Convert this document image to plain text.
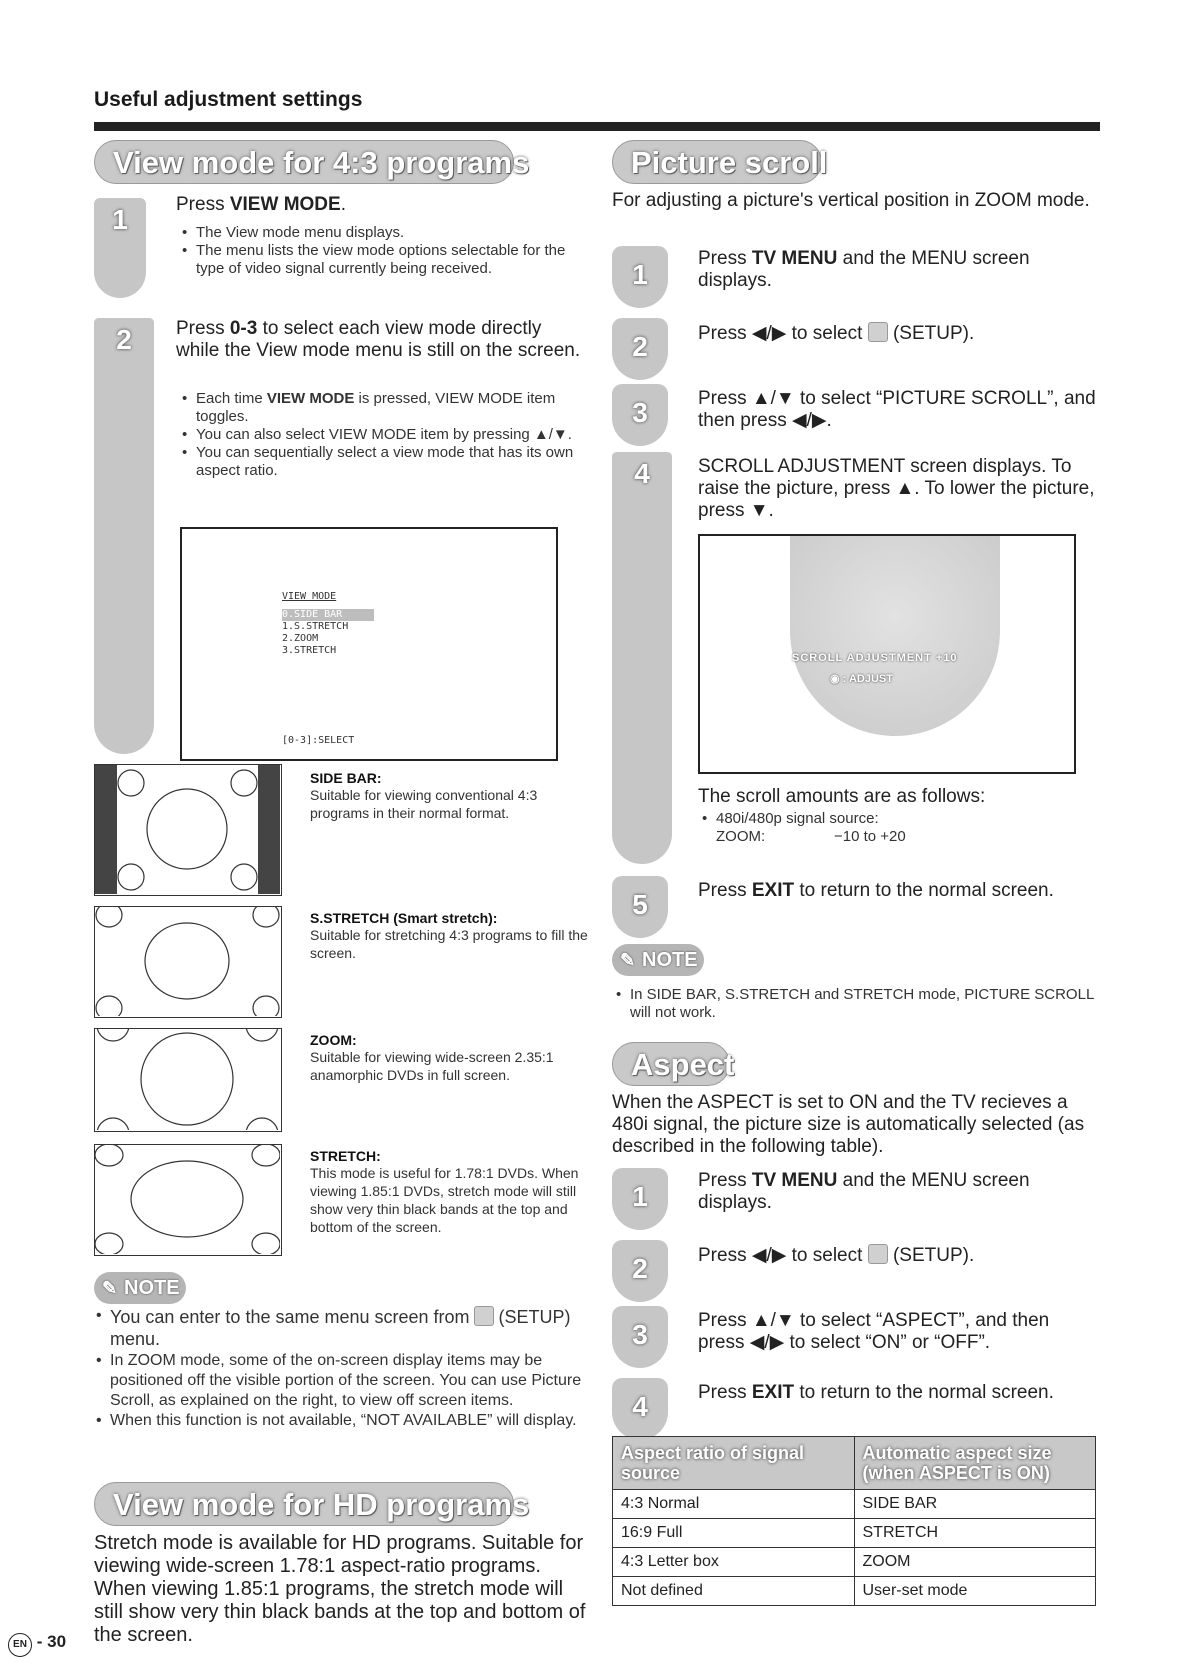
Useful adjustment settings
View mode for 4:3 programs
1	Press VIEW MODE.
• The View mode menu displays.
• The menu lists the view mode options selectable for the type of video signal currently being received.
2	Press 0-3 to select each view mode directly while the View mode menu is still on the screen.
• Each time VIEW MODE is pressed, VIEW MODE item toggles.
• You can also select VIEW MODE item by pressing ▲/▼.
• You can sequentially select a view mode that has its own aspect ratio.
VIEW MODE
0.SIDE BAR
1.S.STRETCH
2.ZOOM
3.STRETCH
[0-3]:SELECT
SIDE BAR:
Suitable for viewing conventional 4:3 programs in their normal format.
S.STRETCH (Smart stretch):
Suitable for stretching 4:3 programs to fill the screen.
ZOOM:
Suitable for viewing wide-screen 2.35:1 anamorphic DVDs in full screen.
STRETCH:
This mode is useful for 1.78:1 DVDs. When viewing 1.85:1 DVDs, stretch mode will still show very thin black bands at the top and bottom of the screen.
✎ NOTE
• You can enter to the same menu screen from (SETUP) menu.
• In ZOOM mode, some of the on-screen display items may be positioned off the visible portion of the screen. You can use Picture Scroll, as explained on the right, to view off screen items.
• When this function is not available, “NOT AVAILABLE” will display.
View mode for HD programs
Stretch mode is available for HD programs. Suitable for viewing wide-screen 1.78:1 aspect-ratio programs. When viewing 1.85:1 programs, the stretch mode will still show very thin black bands at the top and bottom of the screen.
EN - 30
Picture scroll
For adjusting a picture's vertical position in ZOOM mode.
1
Press TV MENU and the MENU screen displays.
2	Press ◀/▶ to select (SETUP).
3	Press ▲/▼ to select “PICTURE SCROLL”, and then press ◀/▶.
4	SCROLL ADJUSTMENT screen displays. To raise the picture, press ▲. To lower the picture, press ▼.
SCROLL ADJUSTMENT +10
◉ : ADJUST
The scroll amounts are as follows:
• 480i/480p signal source:
ZOOM:	−10 to +20
5	Press EXIT to return to the normal screen.
✎ NOTE
• In SIDE BAR, S.STRETCH and STRETCH mode, PICTURE SCROLL will not work.
Aspect
When the ASPECT is set to ON and the TV recieves a 480i signal, the picture size is automatically selected (as described in the following table).
1
Press TV MENU and the MENU screen displays.
2	Press ◀/▶ to select (SETUP).
3	Press ▲/▼ to select “ASPECT”, and then press ◀/▶ to select “ON” or “OFF”.
4	Press EXIT to return to the normal screen.
Aspect ratio of signal source	Automatic aspect size (when ASPECT is ON)
4:3 Normal	SIDE BAR
16:9 Full	STRETCH
4:3 Letter box	ZOOM
Not defined	User-set mode
